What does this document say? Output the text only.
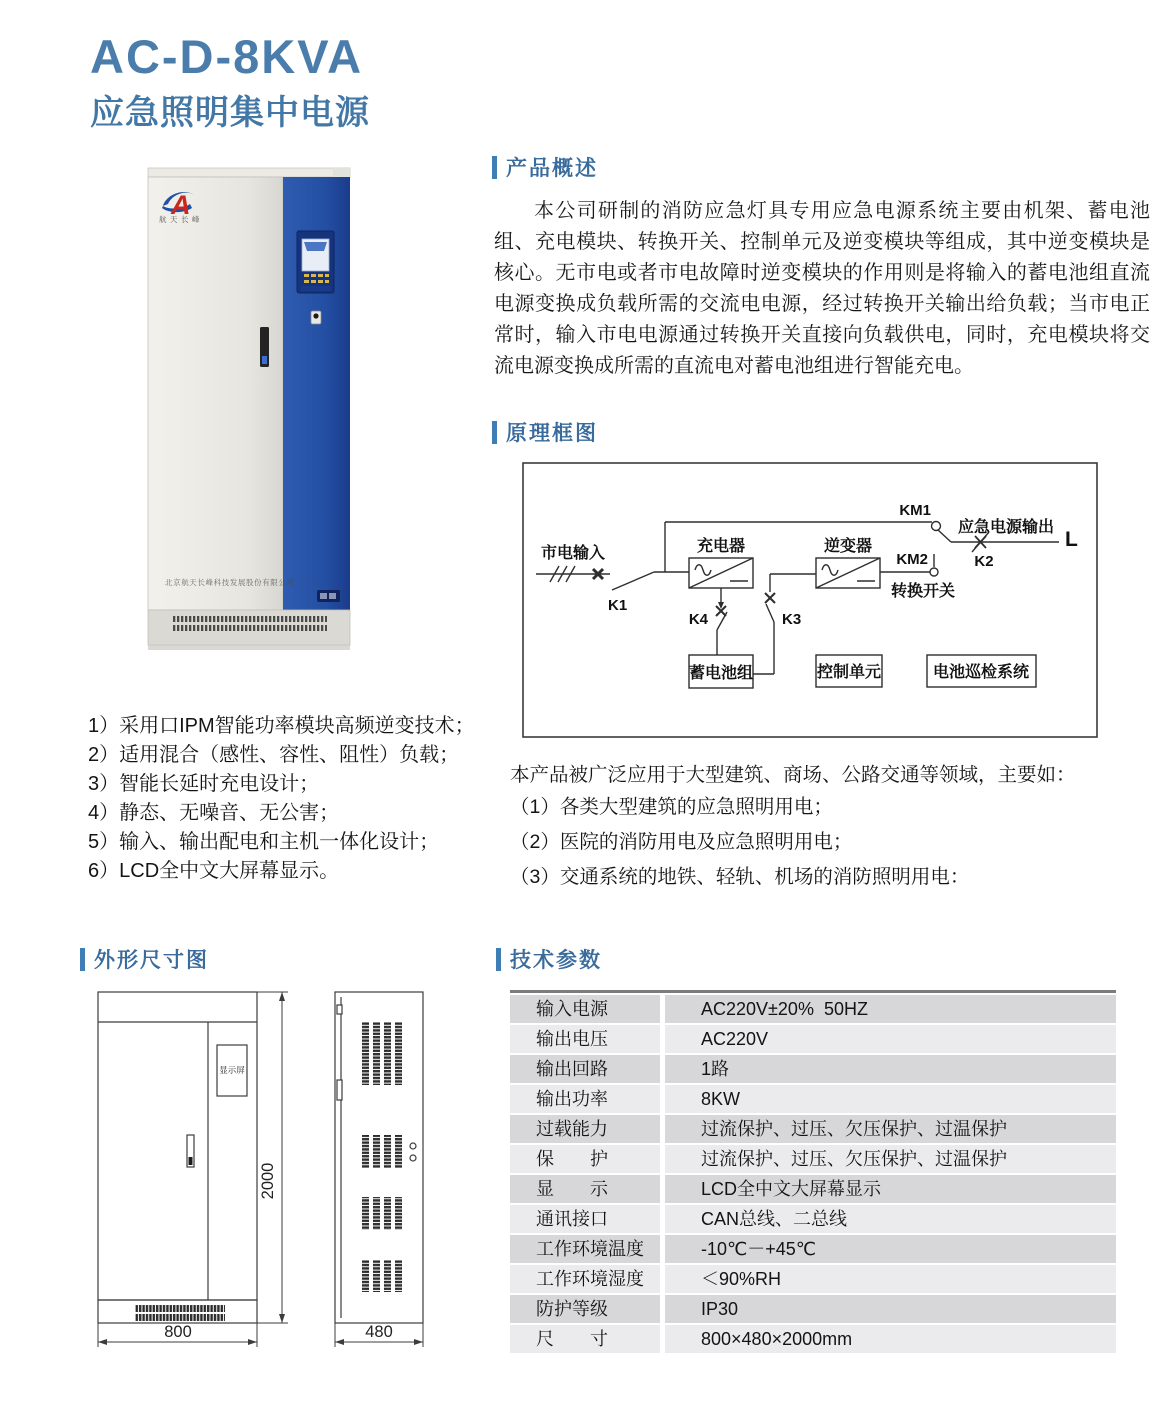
AC-D-8KVA
应急照明集中电源
A
航天长峰
北京航天长峰科技发展股份有限公司
产品概述
本公司研制的消防应急灯具专用应急电源系统主要由机架、蓄电池组、充电模块、转换开关、控制单元及逆变模块等组成，其中逆变模块是核心。无市电或者市电故障时逆变模块的作用则是将输入的蓄电池组直流电源变换成负载所需的交流电电源，经过转换开关输出给负载；当市电正常时，输入市电电源通过转换开关直接向负载供电，同时，充电模块将交流电源变换成所需的直流电对蓄电池组进行智能充电。
原理框图
市电输入
K1
充电器	逆变器
K4
蓄电池组
K3
KM2
转换开关
KM1
K2
应急电源输出
L
控制单元	电池巡检系统
1）采用口IPM智能功率模块高频逆变技术；
2）适用混合（感性、容性、阻性）负载；
3）智能长延时充电设计；
4）静态、无噪音、无公害；
5）输入、输出配电和主机一体化设计；
6）LCD全中文大屏幕显示。
本产品被广泛应用于大型建筑、商场、公路交通等领域，主要如：
（1）各类大型建筑的应急照明用电；
（2）医院的消防用电及应急照明用电；
（3）交通系统的地铁、轻轨、机场的消防照明用电：
外形尺寸图
显示屏
2000
800	480
技术参数
输入电源	AC220V±20%  50HZ
输出电压	AC220V
输出回路	1路
输出功率	8KW
过载能力	过流保护、过压、欠压保护、过温保护
保　　护	过流保护、过压、欠压保护、过温保护
显　　示	LCD全中文大屏幕显示
通讯接口	CAN总线、二总线
工作环境温度	-10℃－+45℃
工作环境湿度	＜90%RH
防护等级	IP30
尺　　寸	800×480×2000mm
